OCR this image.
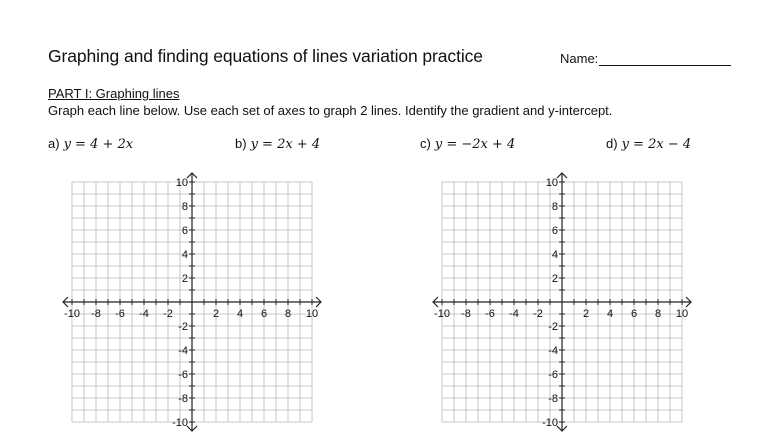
Graphing and finding equations of lines variation practice	Name:
PART I: Graphing lines
Graph each line below. Use each set of axes to graph 2 lines. Identify the gradient and y-intercept.
a) y = 4 + 2x	b) y = 2x + 4	c) y = −2x + 4	d) y = 2x − 4
-10 -8 -6 -4 -2	2 4 6 8 10
10
8
6
4
2
-2
-4
-6
-8
-10
-10 -8 -6 -4 -2	2 4 6 8 10
10
8
6
4
2
-2
-4
-6
-8
-10
